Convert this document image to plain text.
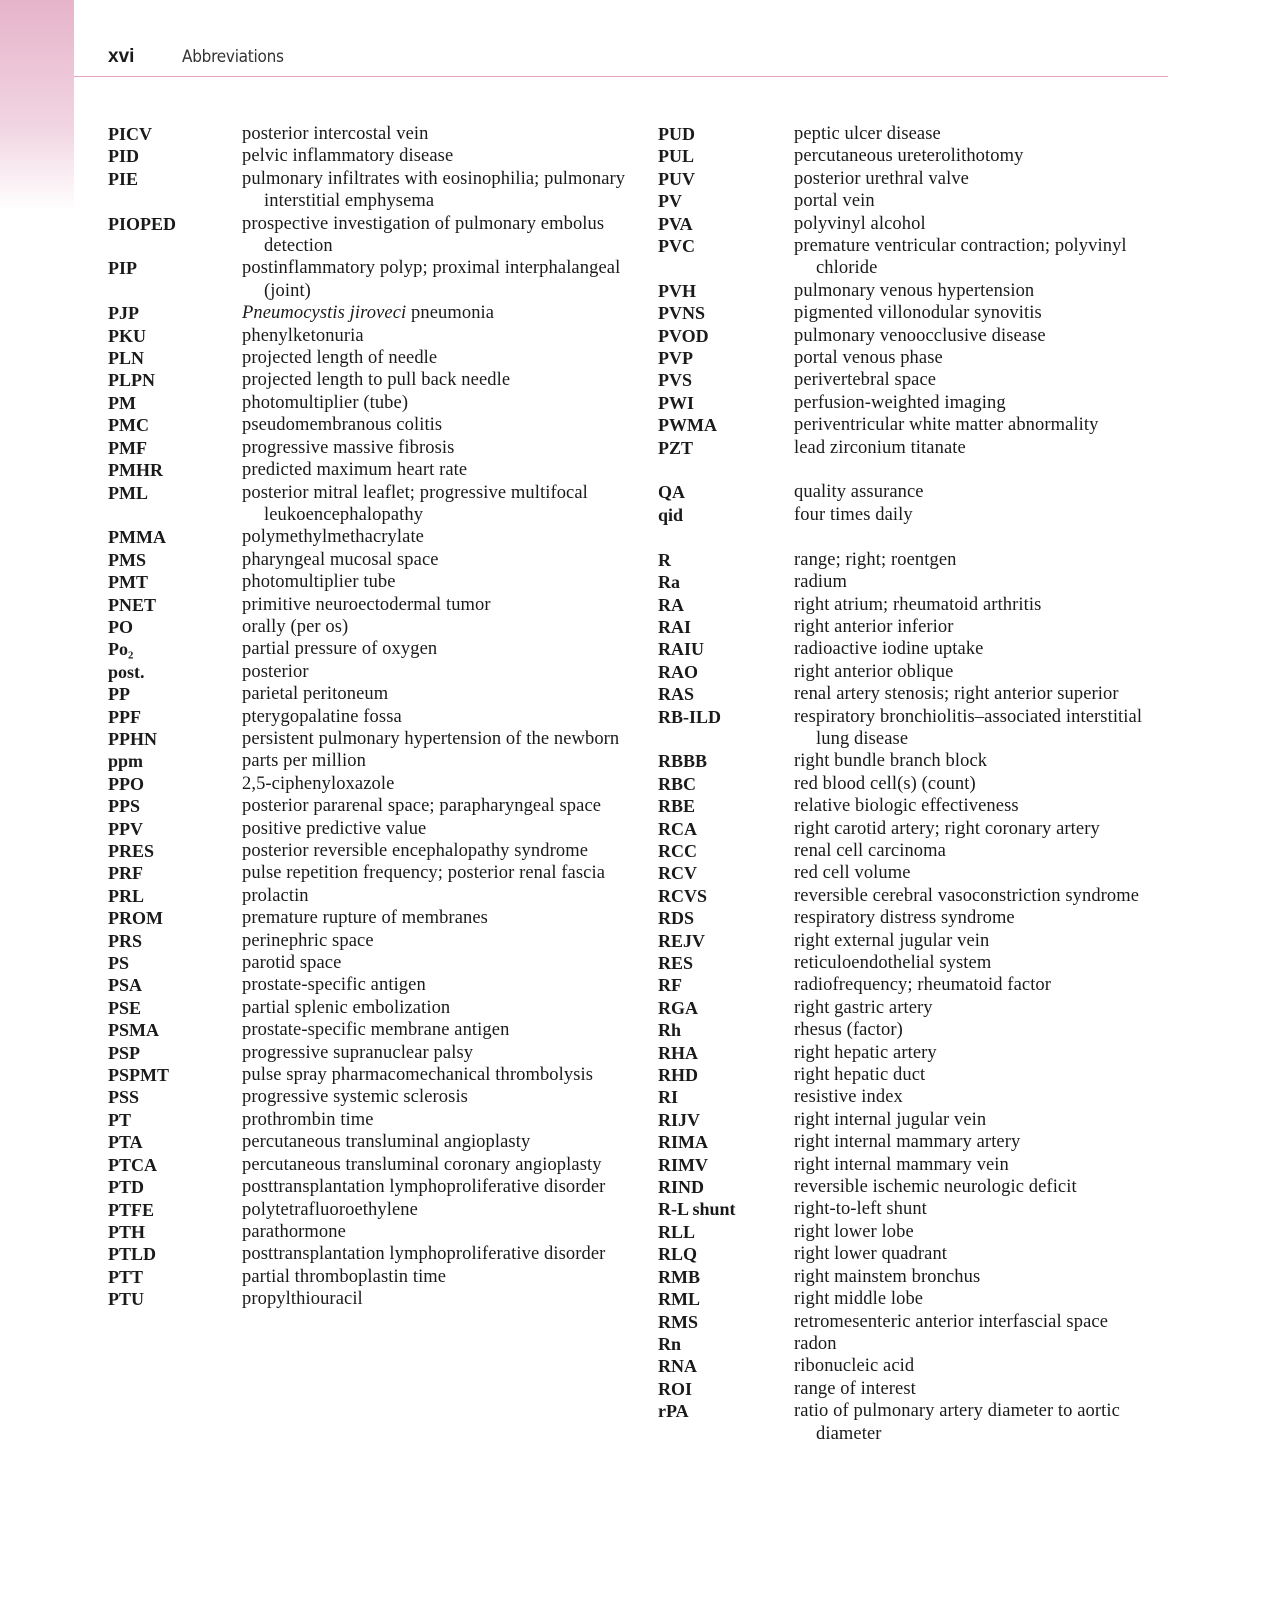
xvi	Abbreviations
PICV	posterior intercostal vein
PID	pelvic inflammatory disease
PIE	pulmonary infiltrates with eosinophilia; pulmonary interstitial emphysema
PIOPED	prospective investigation of pulmonary embolus detection
PIP	postinflammatory polyp; proximal interphalangeal (joint)
PJP	Pneumocystis jiroveci pneumonia
PKU	phenylketonuria
PLN	projected length of needle
PLPN	projected length to pull back needle
PM	photomultiplier (tube)
PMC	pseudomembranous colitis
PMF	progressive massive fibrosis
PMHR	predicted maximum heart rate
PML	posterior mitral leaflet; progressive multifocal leukoencephalopathy
PMMA	polymethylmethacrylate
PMS	pharyngeal mucosal space
PMT	photomultiplier tube
PNET	primitive neuroectodermal tumor
PO	orally (per os)
Po₂	partial pressure of oxygen
post.	posterior
PP	parietal peritoneum
PPF	pterygopalatine fossa
PPHN	persistent pulmonary hypertension of the newborn
ppm	parts per million
PPO	2,5-ciphenyloxazole
PPS	posterior pararenal space; parapharyngeal space
PPV	positive predictive value
PRES	posterior reversible encephalopathy syndrome
PRF	pulse repetition frequency; posterior renal fascia
PRL	prolactin
PROM	premature rupture of membranes
PRS	perinephric space
PS	parotid space
PSA	prostate-specific antigen
PSE	partial splenic embolization
PSMA	prostate-specific membrane antigen
PSP	progressive supranuclear palsy
PSPMT	pulse spray pharmacomechanical thrombolysis
PSS	progressive systemic sclerosis
PT	prothrombin time
PTA	percutaneous transluminal angioplasty
PTCA	percutaneous transluminal coronary angioplasty
PTD	posttransplantation lymphoproliferative disorder
PTFE	polytetrafluoroethylene
PTH	parathormone
PTLD	posttransplantation lymphoproliferative disorder
PTT	partial thromboplastin time
PTU	propylthiouracil
PUD	peptic ulcer disease
PUL	percutaneous ureterolithotomy
PUV	posterior urethral valve
PV	portal vein
PVA	polyvinyl alcohol
PVC	premature ventricular contraction; polyvinyl chloride
PVH	pulmonary venous hypertension
PVNS	pigmented villonodular synovitis
PVOD	pulmonary venoocclusive disease
PVP	portal venous phase
PVS	perivertebral space
PWI	perfusion-weighted imaging
PWMA	periventricular white matter abnormality
PZT	lead zirconium titanate
QA	quality assurance
qid	four times daily
R	range; right; roentgen
Ra	radium
RA	right atrium; rheumatoid arthritis
RAI	right anterior inferior
RAIU	radioactive iodine uptake
RAO	right anterior oblique
RAS	renal artery stenosis; right anterior superior
RB-ILD	respiratory bronchiolitis–associated interstitial lung disease
RBBB	right bundle branch block
RBC	red blood cell(s) (count)
RBE	relative biologic effectiveness
RCA	right carotid artery; right coronary artery
RCC	renal cell carcinoma
RCV	red cell volume
RCVS	reversible cerebral vasoconstriction syndrome
RDS	respiratory distress syndrome
REJV	right external jugular vein
RES	reticuloendothelial system
RF	radiofrequency; rheumatoid factor
RGA	right gastric artery
Rh	rhesus (factor)
RHA	right hepatic artery
RHD	right hepatic duct
RI	resistive index
RIJV	right internal jugular vein
RIMA	right internal mammary artery
RIMV	right internal mammary vein
RIND	reversible ischemic neurologic deficit
R-L shunt	right-to-left shunt
RLL	right lower lobe
RLQ	right lower quadrant
RMB	right mainstem bronchus
RML	right middle lobe
RMS	retromesenteric anterior interfascial space
Rn	radon
RNA	ribonucleic acid
ROI	range of interest
rPA	ratio of pulmonary artery diameter to aortic diameter
